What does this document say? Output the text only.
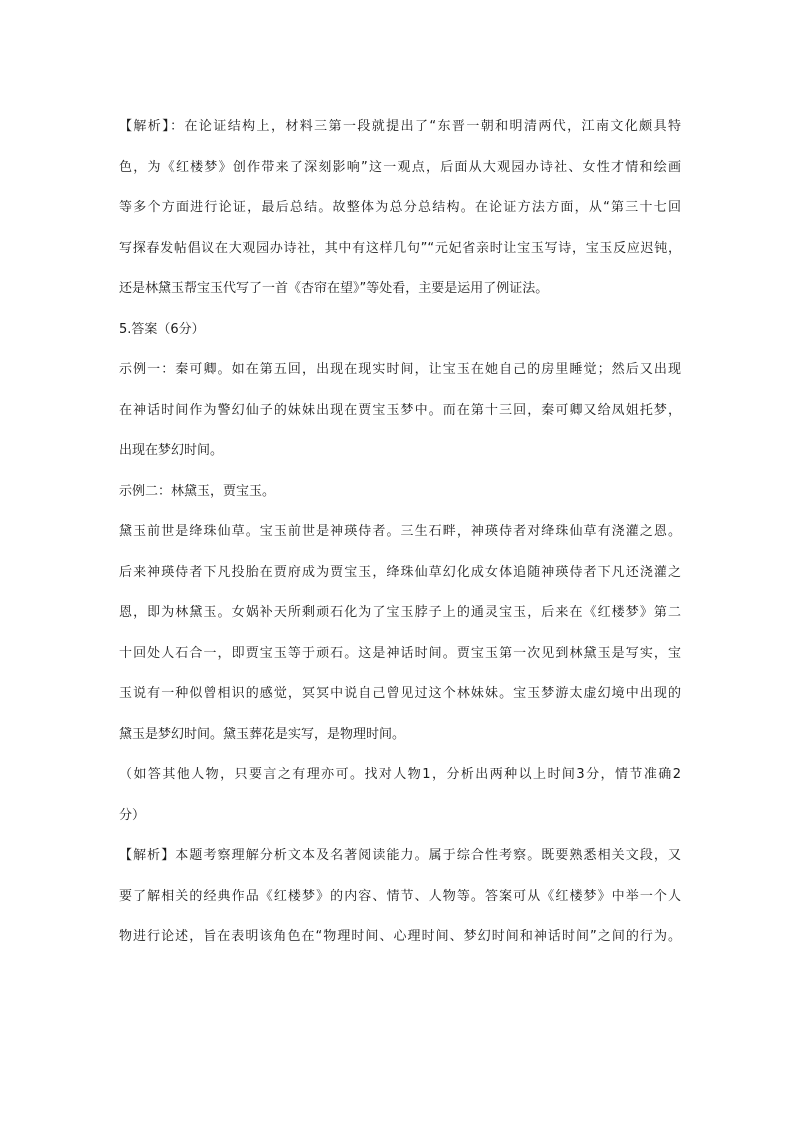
【解析】：在论证结构上，材料三第一段就提出了“东晋一朝和明清两代，江南文化颇具特
色，为《红楼梦》创作带来了深刻影响”这一观点，后面从大观园办诗社、女性才情和绘画
等多个方面进行论证，最后总结。故整体为总分总结构。在论证方法方面，从“第三十七回
写探春发帖倡议在大观园办诗社，其中有这样几句”“元妃省亲时让宝玉写诗，宝玉反应迟钝，
还是林黛玉帮宝玉代写了一首《杏帘在望》”等处看，主要是运用了例证法。
5.答案（6分）
示例一：秦可卿。如在第五回，出现在现实时间，让宝玉在她自己的房里睡觉；然后又出现
在神话时间作为警幻仙子的妹妹出现在贾宝玉梦中。而在第十三回，秦可卿又给凤姐托梦，
出现在梦幻时间。
示例二：林黛玉，贾宝玉。
黛玉前世是绛珠仙草。宝玉前世是神瑛侍者。三生石畔，神瑛侍者对绛珠仙草有浇灌之恩。
后来神瑛侍者下凡投胎在贾府成为贾宝玉，绛珠仙草幻化成女体追随神瑛侍者下凡还浇灌之
恩，即为林黛玉。女娲补天所剩顽石化为了宝玉脖子上的通灵宝玉，后来在《红楼梦》第二
十回处人石合一，即贾宝玉等于顽石。这是神话时间。贾宝玉第一次见到林黛玉是写实，宝
玉说有一种似曾相识的感觉，冥冥中说自己曾见过这个林妹妹。宝玉梦游太虚幻境中出现的
黛玉是梦幻时间。黛玉葬花是实写，是物理时间。
（如答其他人物，只要言之有理亦可。找对人物1，分析出两种以上时间3分，情节准确2
分）
【解析】本题考察理解分析文本及名著阅读能力。属于综合性考察。既要熟悉相关文段，又
要了解相关的经典作品《红楼梦》的内容、情节、人物等。答案可从《红楼梦》中举一个人
物进行论述，旨在表明该角色在“物理时间、心理时间、梦幻时间和神话时间”之间的行为。
